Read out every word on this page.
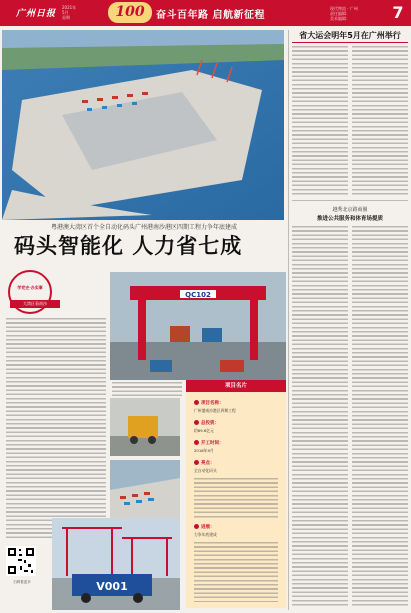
广州日报
2021年
5月
星期	100	奋斗百年路 启航新征程
现代物流 · 广州
责任编辑：
美术编辑：	7
粤港澳大湾区首个全自动化码头广州港南沙港区四期工程力争年底建成
码头智能化 人力省七成
学党史·办实事
大湾区看南沙
QC102
V001
扫码看更多
项目名片
项目名称：
广州港南沙港区四期工程
总投资：
约69.6亿元
开工时间：
2018年9月
亮点：
全自动化码头
进展：
力争年底建成
省大运会明年5月在广州举行
越秀北京路商圈
推进公共服务和体育场提质
